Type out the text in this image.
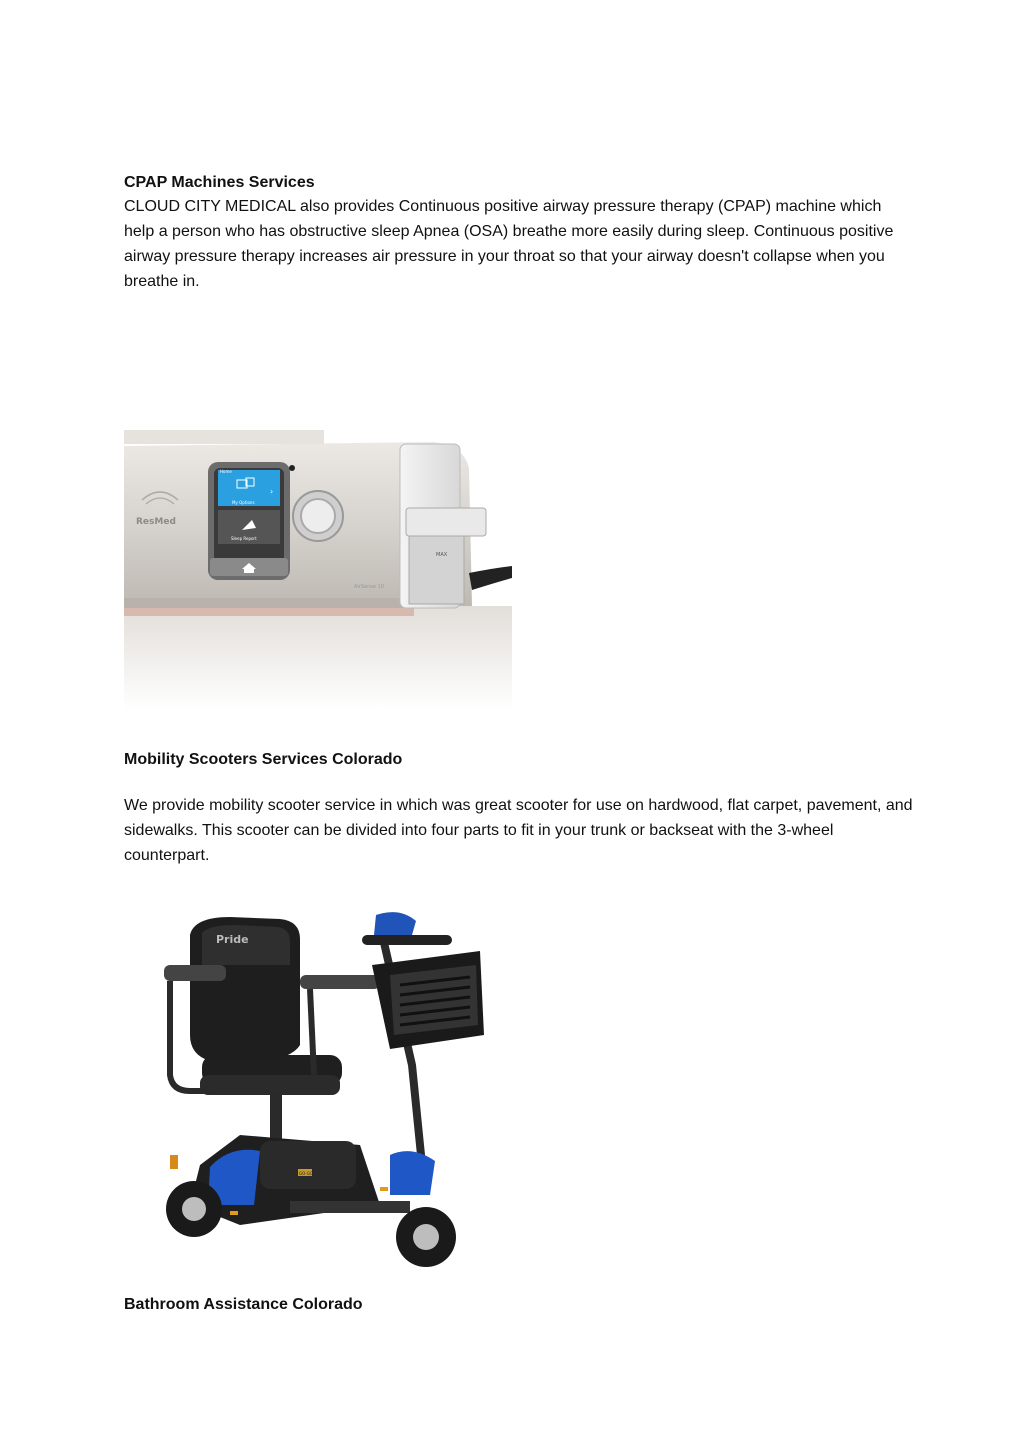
CPAP Machines Services

CLOUD CITY MEDICAL also provides Continuous positive airway pressure therapy (CPAP) machine which help a person who has obstructive sleep Apnea (OSA) breathe more easily during sleep. Continuous positive airway pressure therapy increases air pressure in your throat so that your airway doesn't collapse when you breathe in.

MAX
Home
›
My Options
Sleep Report
ResMed
AirSense 10
Mobility Scooters Services Colorado

We provide mobility scooter service in which was great scooter for use on hardwood, flat carpet, pavement, and sidewalks. This scooter can be divided into four parts to fit in your trunk or backseat with the 3-wheel counterpart.

Pride
GO-GO
Bathroom Assistance Colorado
